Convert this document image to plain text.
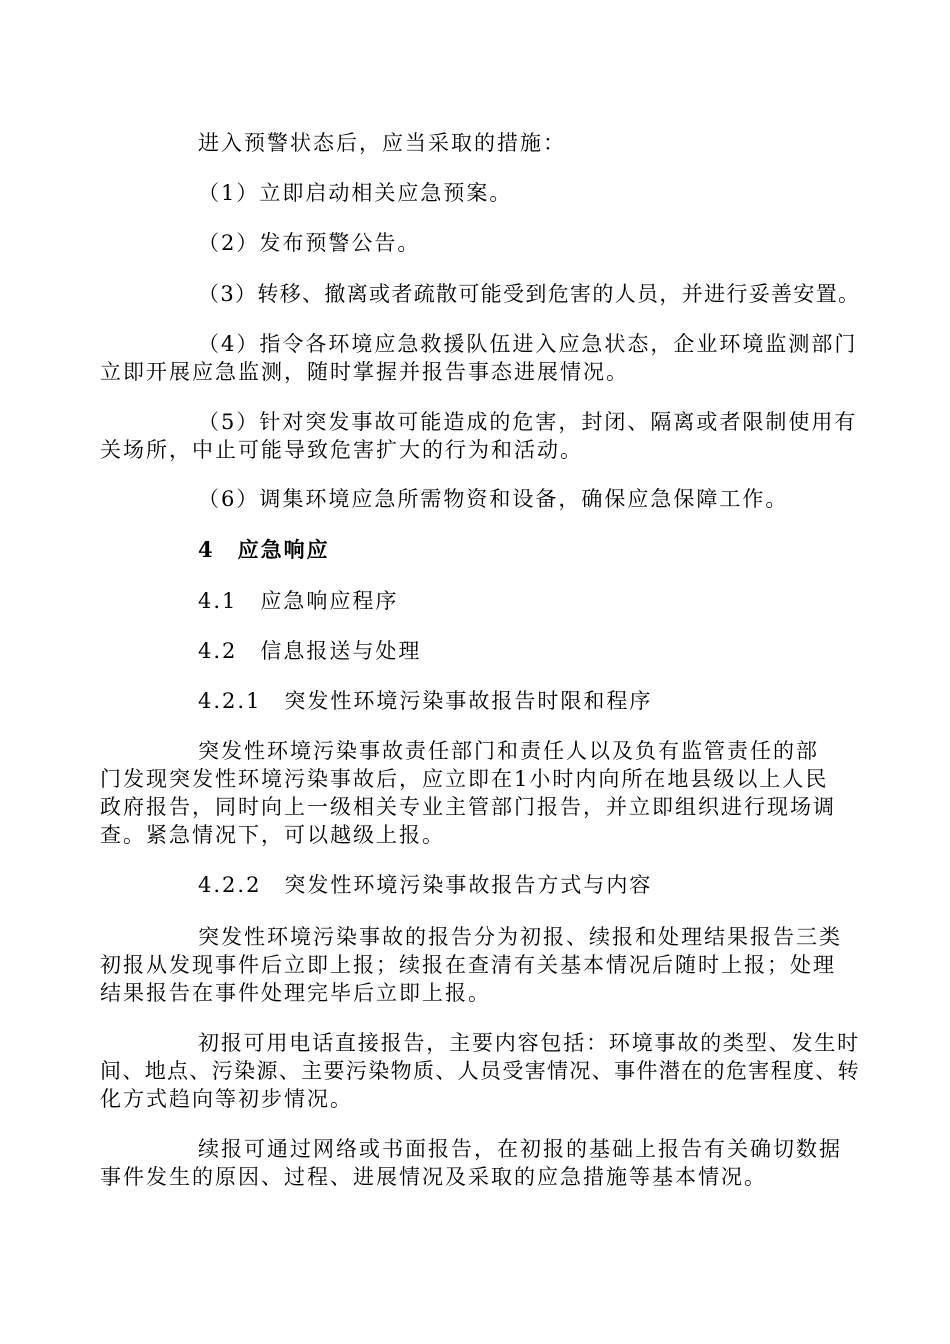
进入预警状态后，应当采取的措施：
（1）立即启动相关应急预案。
（2）发布预警公告。
（3）转移、撤离或者疏散可能受到危害的人员，并进行妥善安置。
（4）指令各环境应急救援队伍进入应急状态，企业环境监测部门
立即开展应急监测，随时掌握并报告事态进展情况。
（5）针对突发事故可能造成的危害，封闭、隔离或者限制使用有
关场所，中止可能导致危害扩大的行为和活动。
（6）调集环境应急所需物资和设备，确保应急保障工作。
4　应急响应
4.1　应急响应程序
4.2　信息报送与处理
4.2.1　突发性环境污染事故报告时限和程序
突发性环境污染事故责任部门和责任人以及负有监管责任的部
门发现突发性环境污染事故后，应立即在1小时内向所在地县级以上人民
政府报告，同时向上一级相关专业主管部门报告，并立即组织进行现场调
查。紧急情况下，可以越级上报。
4.2.2　突发性环境污染事故报告方式与内容
突发性环境污染事故的报告分为初报、续报和处理结果报告三类
初报从发现事件后立即上报；续报在查清有关基本情况后随时上报；处理
结果报告在事件处理完毕后立即上报。
初报可用电话直接报告，主要内容包括：环境事故的类型、发生时
间、地点、污染源、主要污染物质、人员受害情况、事件潜在的危害程度、转
化方式趋向等初步情况。
续报可通过网络或书面报告，在初报的基础上报告有关确切数据
事件发生的原因、过程、进展情况及采取的应急措施等基本情况。
